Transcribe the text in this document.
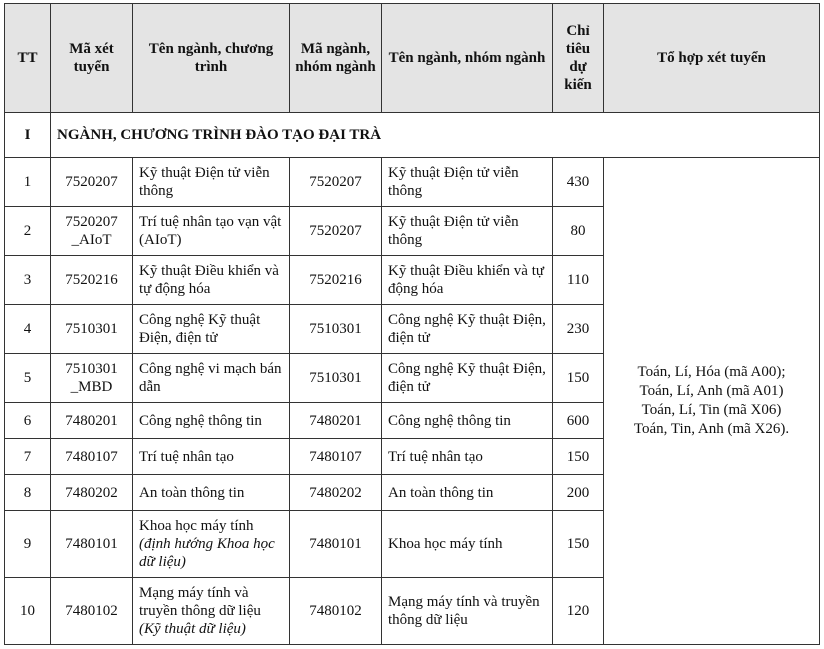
TT	Mã xét tuyển	Tên ngành, chương trình	Mã ngành, nhóm ngành	Tên ngành, nhóm ngành	Chỉ tiêu dự kiến	Tổ hợp xét tuyển
I	NGÀNH, CHƯƠNG TRÌNH ĐÀO TẠO ĐẠI TRÀ					
1	7520207	Kỹ thuật Điện tử viễn thông	7520207	Kỹ thuật Điện tử viễn thông	430	Toán, Lí, Hóa (mã A00);
Toán, Lí, Anh (mã A01)
Toán, Lí, Tin (mã X06)
Toán, Tin, Anh (mã X26).

2	7520207 _AIoT	Trí tuệ nhân tạo vạn vật (AIoT)	7520207	Kỹ thuật Điện tử viễn thông	80	
3	7520216	Kỹ thuật Điều khiển và tự động hóa	7520216	Kỹ thuật Điều khiển và tự động hóa	110	
4	7510301	Công nghệ Kỹ thuật Điện, điện tử	7510301	Công nghệ Kỹ thuật Điện, điện tử	230	
5	7510301 _MBD	Công nghệ vi mạch bán dẫn	7510301	Công nghệ Kỹ thuật Điện, điện tử	150	
6	7480201	Công nghệ thông tin	7480201	Công nghệ thông tin	600	
7	7480107	Trí tuệ nhân tạo	7480107	Trí tuệ nhân tạo	150	
8	7480202	An toàn thông tin	7480202	An toàn thông tin	200	
9	7480101	Khoa học máy tính
(định hướng Khoa học dữ liệu)	7480101	Khoa học máy tính	150	
10	7480102	Mạng máy tính và truyền thông dữ liệu
(Kỹ thuật dữ liệu)	7480102	Mạng máy tính và truyền thông dữ liệu	120	
